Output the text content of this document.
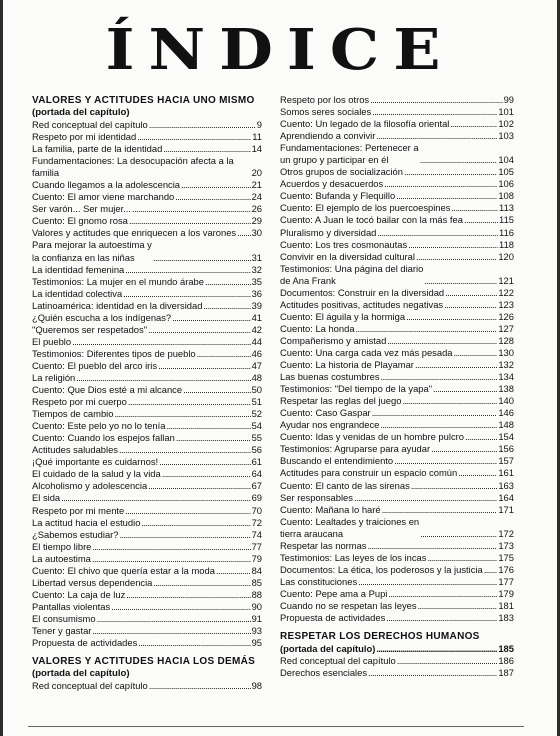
ÍNDICE
VALORES Y ACTITUDES HACIA UNO MISMO
(portada del capítulo)
Red conceptual del capítulo . . .	9
Respeto por mi identidad . . .	11
La familia, parte de la identidad . . .	14
Fundamentaciones: La desocupación afecta a la familia	20
Cuando llegamos a la adolescencia . . .	21
Cuento: El amor viene marchando . . .	24
Ser varón... Ser mujer... . . .	26
Cuento: El gnomo rosa . . .	29
Valores y actitudes que enriquecen a los varones . . . 30
Para mejorar la autoestima y
la confianza en las niñas . . .	31
La identidad femenina . . .	32
Testimonios: La mujer en el mundo árabe . . .	35
La identidad colectiva . . .	36
Latinoamérica: identidad en la diversidad . . .	39
¿Quién escucha a los indígenas? . . .	41
"Queremos ser respetados" . . .	42
El pueblo . . .	44
Testimonios: Diferentes tipos de pueblo . . .	46
Cuento: El pueblo del arco iris . . .	47
La religión . . .	48
Cuento: Que Dios esté a mi alcance . . .	50
Respeto por mi cuerpo . . .	51
Tiempos de cambio . . .	52
Cuento: Este pelo yo no lo tenía . . .	54
Cuento: Cuando los espejos fallan . . .	55
Actitudes saludables . . .	56
¡Qué importante es cuidarnos! . . .	61
El cuidado de la salud y la vida . . .	64
Alcoholismo y adolescencia . . .	67
El sida . . .	69
Respeto por mi mente . . .	70
La actitud hacia el estudio . . .	72
¿Sabemos estudiar? . . .	74
El tiempo libre . . .	77
La autoestima . . .	79
Cuento: El chivo que quería estar a la moda . . .	84
Libertad versus dependencia . . .	85
Cuento: La caja de luz . . .	88
Pantallas violentas . . .	90
El consumismo . . .	91
Tener y gastar . . .	93
Propuesta de actividades . . .	95
VALORES Y ACTITUDES HACIA LOS DEMÁS
(portada del capítulo)
Red conceptual del capítulo . . .	98
Respeto por los otros . . .	99
Somos seres sociales . . .	101
Cuento: Un legado de la filosofía oriental . . .	102
Aprendiendo a convivir . . .	103
Fundamentaciones: Pertenecer a
un grupo y participar en él . . .	104
Otros grupos de socialización . . .	105
Acuerdos y desacuerdos . . .	106
Cuento: Bufanda y Flequillo . . .	108
Cuento: El ejemplo de los puercoespines . . .	113
Cuento: A Juan le tocó bailar con la más fea . . .	115
Pluralismo y diversidad . . .	116
Cuento: Los tres cosmonautas . . .	118
Convivir en la diversidad cultural . . .	120
Testimonios: Una página del diario
de Ana Frank . . .	121
Documentos: Construir en la diversidad . . .	122
Actitudes positivas, actitudes negativas . . .	123
Cuento: El águila y la hormiga . . .	126
Cuento: La honda . . .	127
Compañerismo y amistad . . .	128
Cuento: Una carga cada vez más pesada . . .	130
Cuento: La historia de Playamar . . .	132
Las buenas costumbres . . .	134
Testimonios: "Del tiempo de la yapa" . . .	138
Respetar las reglas del juego . . .	140
Cuento: Caso Gaspar . . .	146
Ayudar nos engrandece . . .	148
Cuento: Idas y venidas de un hombre pulcro . . .	154
Testimonios: Agruparse para ayudar . . .	156
Buscando el entendimiento . . .	157
Actitudes para construir un espacio común . . .	161
Cuento: El canto de las sirenas . . .	163
Ser responsables . . .	164
Cuento: Mañana lo haré . . .	171
Cuento: Lealtades y traiciones en
tierra araucana . . .	172
Respetar las normas . . .	173
Testimonios: Las leyes de los incas . . .	175
Documentos: La ética, los poderosos y la justicia . . . 176
Las constituciones . . .	177
Cuento: Pepe ama a Pupi . . .	179
Cuando no se respetan las leyes . . .	181
Propuesta de actividades . . .	183
RESPETAR LOS DERECHOS HUMANOS
(portada del capítulo) . . .	185
Red conceptual del capítulo . . .	186
Derechos esenciales . . .	187
